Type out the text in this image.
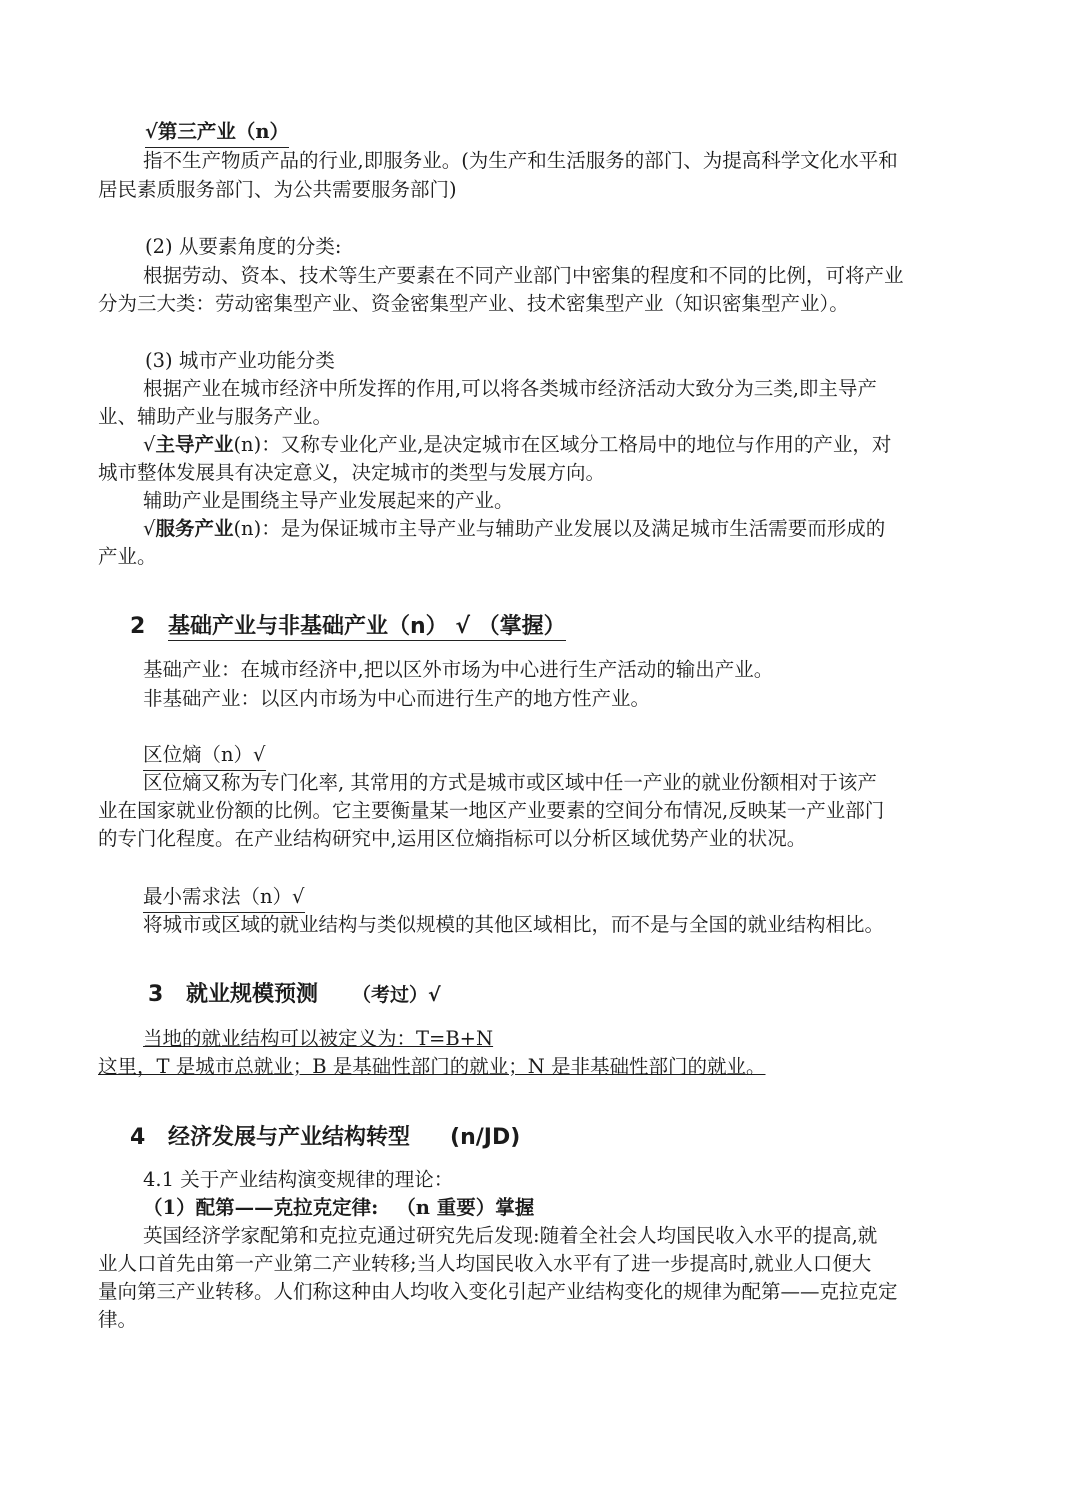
√第三产业（n）
指不生产物质产品的行业,即服务业。(为生产和生活服务的部门、为提高科学文化水平和
居民素质服务部门、为公共需要服务部门)
(2) 从要素角度的分类:
根据劳动、资本、技术等生产要素在不同产业部门中密集的程度和不同的比例，可将产业
分为三大类：劳动密集型产业、资金密集型产业、技术密集型产业（知识密集型产业）。
(3) 城市产业功能分类
根据产业在城市经济中所发挥的作用,可以将各类城市经济活动大致分为三类,即主导产
业、辅助产业与服务产业。
√主导产业(n)：又称专业化产业,是决定城市在区域分工格局中的地位与作用的产业，对
城市整体发展具有决定意义，决定城市的类型与发展方向。
辅助产业是围绕主导产业发展起来的产业。
√服务产业(n)：是为保证城市主导产业与辅助产业发展以及满足城市生活需要而形成的
产业。
2 基础产业与非基础产业（n） √ （掌握）
基础产业：在城市经济中,把以区外市场为中心进行生产活动的输出产业。
非基础产业：以区内市场为中心而进行生产的地方性产业。
区位熵（n）√
区位熵又称为专门化率, 其常用的方式是城市或区域中任一产业的就业份额相对于该产
业在国家就业份额的比例。它主要衡量某一地区产业要素的空间分布情况,反映某一产业部门
的专门化程度。在产业结构研究中,运用区位熵指标可以分析区域优势产业的状况。
最小需求法（n）√
将城市或区域的就业结构与类似规模的其他区域相比，而不是与全国的就业结构相比。
3 就业规模预测 （考过）√
当地的就业结构可以被定义为：T=B+N
这里，T 是城市总就业；B 是基础性部门的就业；N 是非基础性部门的就业。
4 经济发展与产业结构转型 (n/JD)
4.1 关于产业结构演变规律的理论：
（1）配第——克拉克定律: （n 重要）掌握
英国经济学家配第和克拉克通过研究先后发现:随着全社会人均国民收入水平的提高,就
业人口首先由第一产业第二产业转移;当人均国民收入水平有了进一步提高时,就业人口便大
量向第三产业转移。人们称这种由人均收入变化引起产业结构变化的规律为配第——克拉克定
律。
